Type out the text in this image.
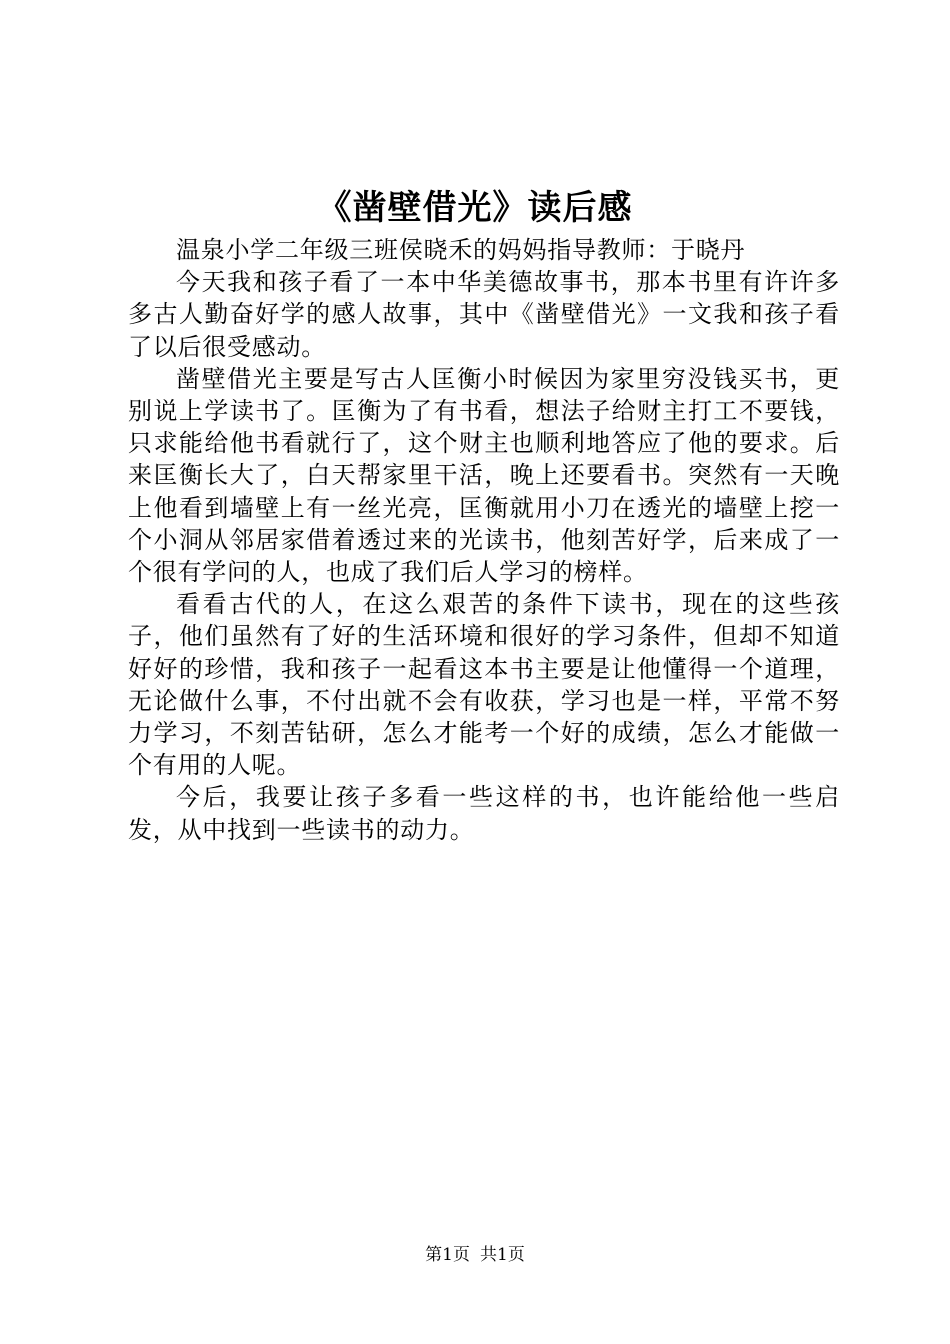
《凿壁借光》读后感

温泉小学二年级三班侯晓禾的妈妈指导教师：于晓丹

今天我和孩子看了一本中华美德故事书，那本书里有许许多多古人勤奋好学的感人故事，其中《凿壁借光》一文我和孩子看了以后很受感动。

凿壁借光主要是写古人匡衡小时候因为家里穷没钱买书，更别说上学读书了。匡衡为了有书看，想法子给财主打工不要钱，只求能给他书看就行了，这个财主也顺利地答应了他的要求。后来匡衡长大了，白天帮家里干活，晚上还要看书。突然有一天晚上他看到墙壁上有一丝光亮，匡衡就用小刀在透光的墙壁上挖一个小洞从邻居家借着透过来的光读书，他刻苦好学，后来成了一个很有学问的人，也成了我们后人学习的榜样。

看看古代的人，在这么艰苦的条件下读书，现在的这些孩子，他们虽然有了好的生活环境和很好的学习条件，但却不知道好好的珍惜，我和孩子一起看这本书主要是让他懂得一个道理，无论做什么事，不付出就不会有收获，学习也是一样，平常不努力学习，不刻苦钻研，怎么才能考一个好的成绩，怎么才能做一个有用的人呢。

今后，我要让孩子多看一些这样的书，也许能给他一些启发，从中找到一些读书的动力。

第1页 共1页
